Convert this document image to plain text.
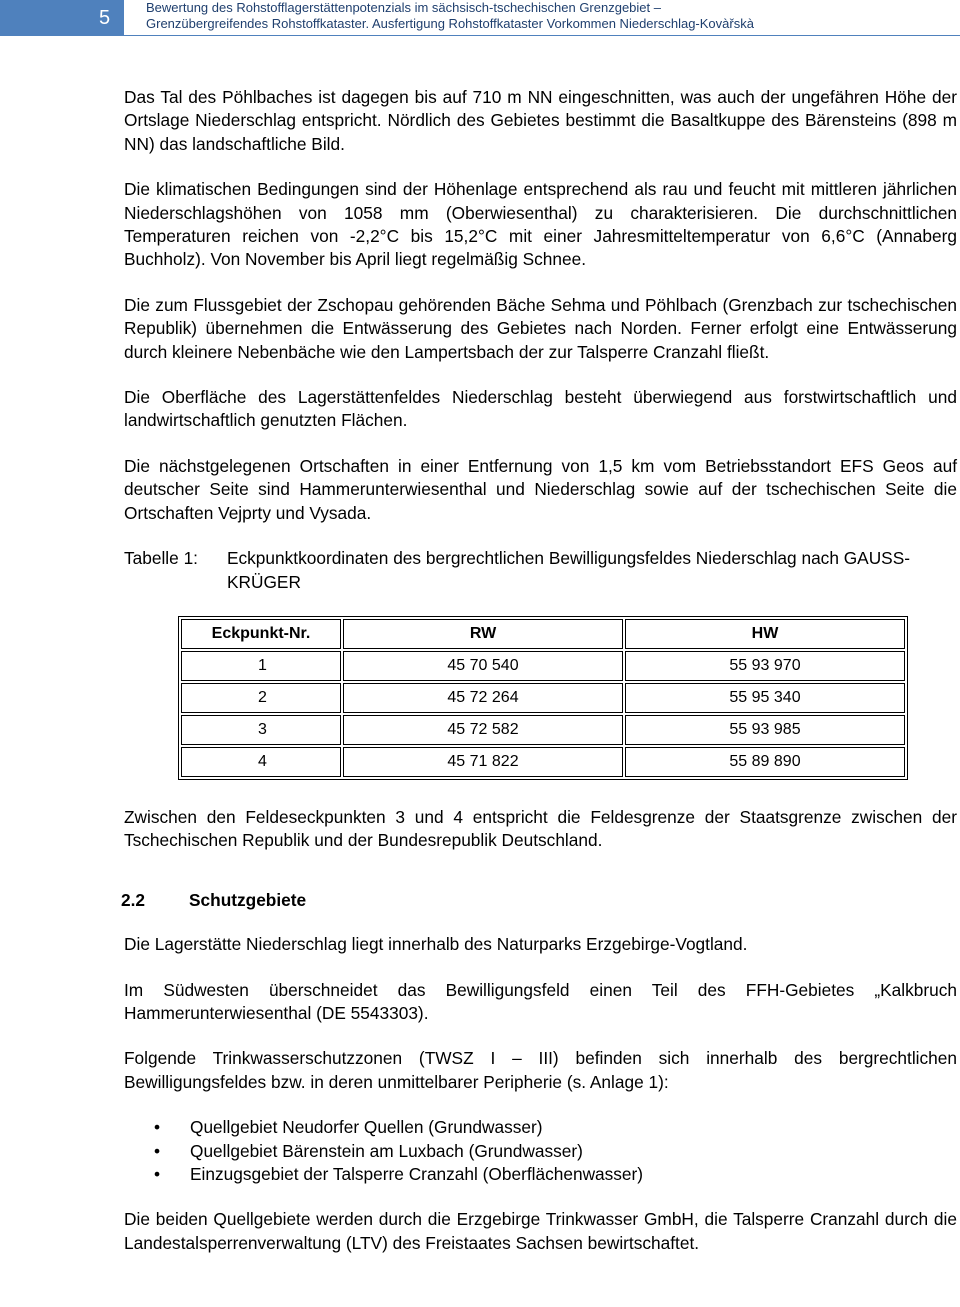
5	Bewertung des Rohstofflagerstättenpotenzials im sächsisch-tschechischen Grenzgebiet –
Grenzübergreifendes Rohstoffkataster. Ausfertigung Rohstoffkataster Vorkommen Niederschlag-Kovàřskà

Das Tal des Pöhlbaches ist dagegen bis auf 710 m NN eingeschnitten, was auch der ungefähren Höhe der Ortslage Niederschlag entspricht. Nördlich des Gebietes bestimmt die Basaltkuppe des Bärensteins (898 m NN) das landschaftliche Bild.

Die klimatischen Bedingungen sind der Höhenlage entsprechend als rau und feucht mit mittleren jährlichen Niederschlagshöhen von 1058 mm (Oberwiesenthal) zu charakterisieren. Die durchschnittlichen Temperaturen reichen von -2,2°C bis 15,2°C mit einer Jahresmitteltemperatur von 6,6°C (Annaberg Buchholz). Von November bis April liegt regelmäßig Schnee.

Die zum Flussgebiet der Zschopau gehörenden Bäche Sehma und Pöhlbach (Grenzbach zur tschechischen Republik) übernehmen die Entwässerung des Gebietes nach Norden. Ferner erfolgt eine Entwässerung durch kleinere Nebenbäche wie den Lampertsbach der zur Talsperre Cranzahl fließt.

Die Oberfläche des Lagerstättenfeldes Niederschlag besteht überwiegend aus forstwirtschaftlich und landwirtschaftlich genutzten Flächen.

Die nächstgelegenen Ortschaften in einer Entfernung von 1,5 km vom Betriebsstandort EFS Geos auf deutscher Seite sind Hammerunterwiesenthal und Niederschlag sowie auf der tschechischen Seite die Ortschaften Vejprty und Vysada.

Tabelle 1:	Eckpunktkoordinaten des bergrechtlichen Bewilligungsfeldes Niederschlag nach GAUSS-KRÜGER
Eckpunkt-Nr.	RW	HW
1	45 70 540	55 93 970
2	45 72 264	55 95 340
3	45 72 582	55 93 985
4	45 71 822	55 89 890

Zwischen den Feldeseckpunkten 3 und 4 entspricht die Feldesgrenze der Staatsgrenze zwischen der Tschechischen Republik und der Bundesrepublik Deutschland.

2.2	Schutzgebiete

Die Lagerstätte Niederschlag liegt innerhalb des Naturparks Erzgebirge-Vogtland.

Im Südwesten überschneidet das Bewilligungsfeld einen Teil des FFH-Gebietes „Kalkbruch Hammerunterwiesenthal (DE 5543303).

Folgende Trinkwasserschutzzonen (TWSZ I – III) befinden sich innerhalb des bergrechtlichen Bewilligungsfeldes bzw. in deren unmittelbarer Peripherie (s. Anlage 1):

• Quellgebiet Neudorfer Quellen (Grundwasser)
• Quellgebiet Bärenstein am Luxbach (Grundwasser)
• Einzugsgebiet der Talsperre Cranzahl (Oberflächenwasser)

Die beiden Quellgebiete werden durch die Erzgebirge Trinkwasser GmbH, die Talsperre Cranzahl durch die Landestalsperrenverwaltung (LTV) des Freistaates Sachsen bewirtschaftet.
